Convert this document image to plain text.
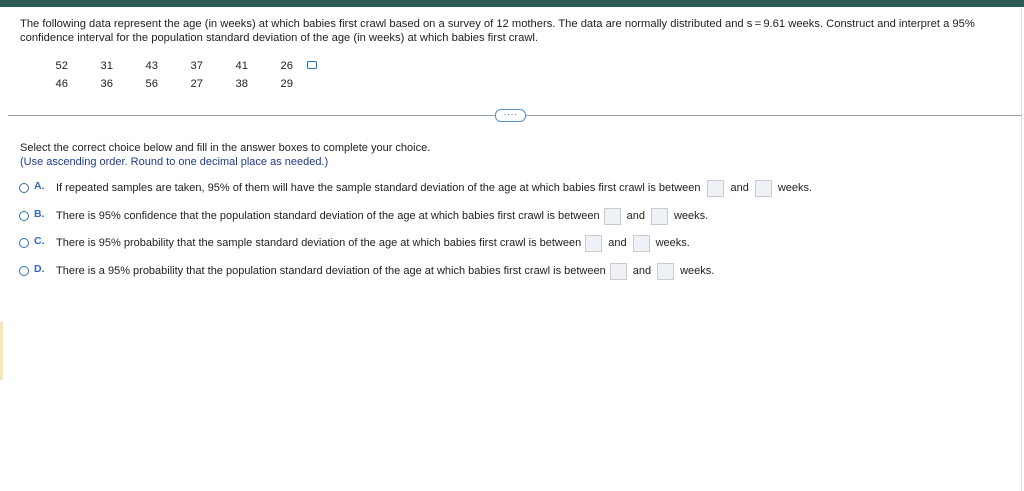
The following data represent the age (in weeks) at which babies first crawl based on a survey of 12 mothers. The data are normally distributed and s = 9.61 weeks. Construct and interpret a 95% confidence interval for the population standard deviation of the age (in weeks) at which babies first crawl.
52	31	43	37	41	26
46	36	56	27	38	29
····
Select the correct choice below and fill in the answer boxes to complete your choice.
(Use ascending order. Round to one decimal place as needed.)
A.	If repeated samples are taken, 95% of them will have the sample standard deviation of the age at which babies first crawl is between	and	weeks.
B.	There is 95% confidence that the population standard deviation of the age at which babies first crawl is between and	weeks.
C.	There is 95% probability that the sample standard deviation of the age at which babies first crawl is between and	weeks.
D.	There is a 95% probability that the population standard deviation of the age at which babies first crawl is between and	weeks.
